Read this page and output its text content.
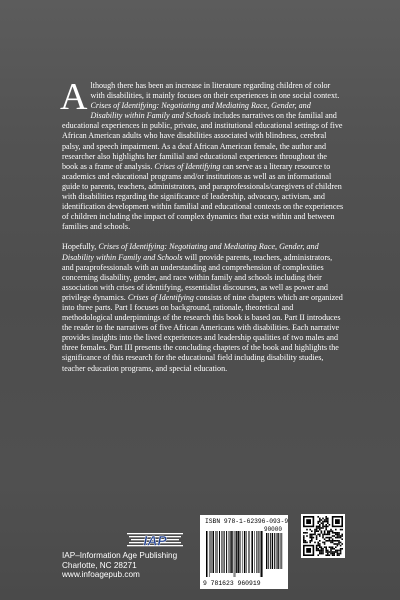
A lthough there has been an increase in literature regarding children of color with disabilities, it mainly focuses on their experiences in one social context. Crises of Identifying: Negotiating and Mediating Race, Gender, and Disability within Family and Schools includes narratives on the familial and educational experiences in public, private, and institutional educational settings of five African American adults who have disabilities associated with blindness, cerebral palsy, and speech impairment. As a deaf African American female, the author and researcher also highlights her familial and educational experiences throughout the book as a frame of analysis. Crises of Identifying can serve as a literary resource to academics and educational programs and/or institutions as well as an informational guide to parents, teachers, administrators, and paraprofessionals/caregivers of children with disabilities regarding the significance of leadership, advocacy, activism, and identification development within familial and educational contexts on the experiences of children including the impact of complex dynamics that exist within and between families and schools.

Hopefully, Crises of Identifying: Negotiating and Mediating Race, Gender, and Disability within Family and Schools will provide parents, teachers, administrators, and paraprofessionals with an understanding and comprehension of complexities concerning disability, gender, and race within family and schools including their association with crises of identifying, essentialist discourses, as well as power and privilege dynamics. Crises of Identifying consists of nine chapters which are organized into three parts. Part I focuses on background, rationale, theoretical and methodological underpinnings of the research this book is based on. Part II introduces the reader to the narratives of five African Americans with disabilities. Each narrative provides insights into the lived experiences and leadership qualities of two males and three females. Part III presents the concluding chapters of the book and highlights the significance of this research for the educational field including disability studies, teacher education programs, and special education.

IAP
IAP–Information Age Publishing
Charlotte, NC 28271
www.infoagepub.com
ISBN 978-1-62396-093-9
90000
9 781623 960919
